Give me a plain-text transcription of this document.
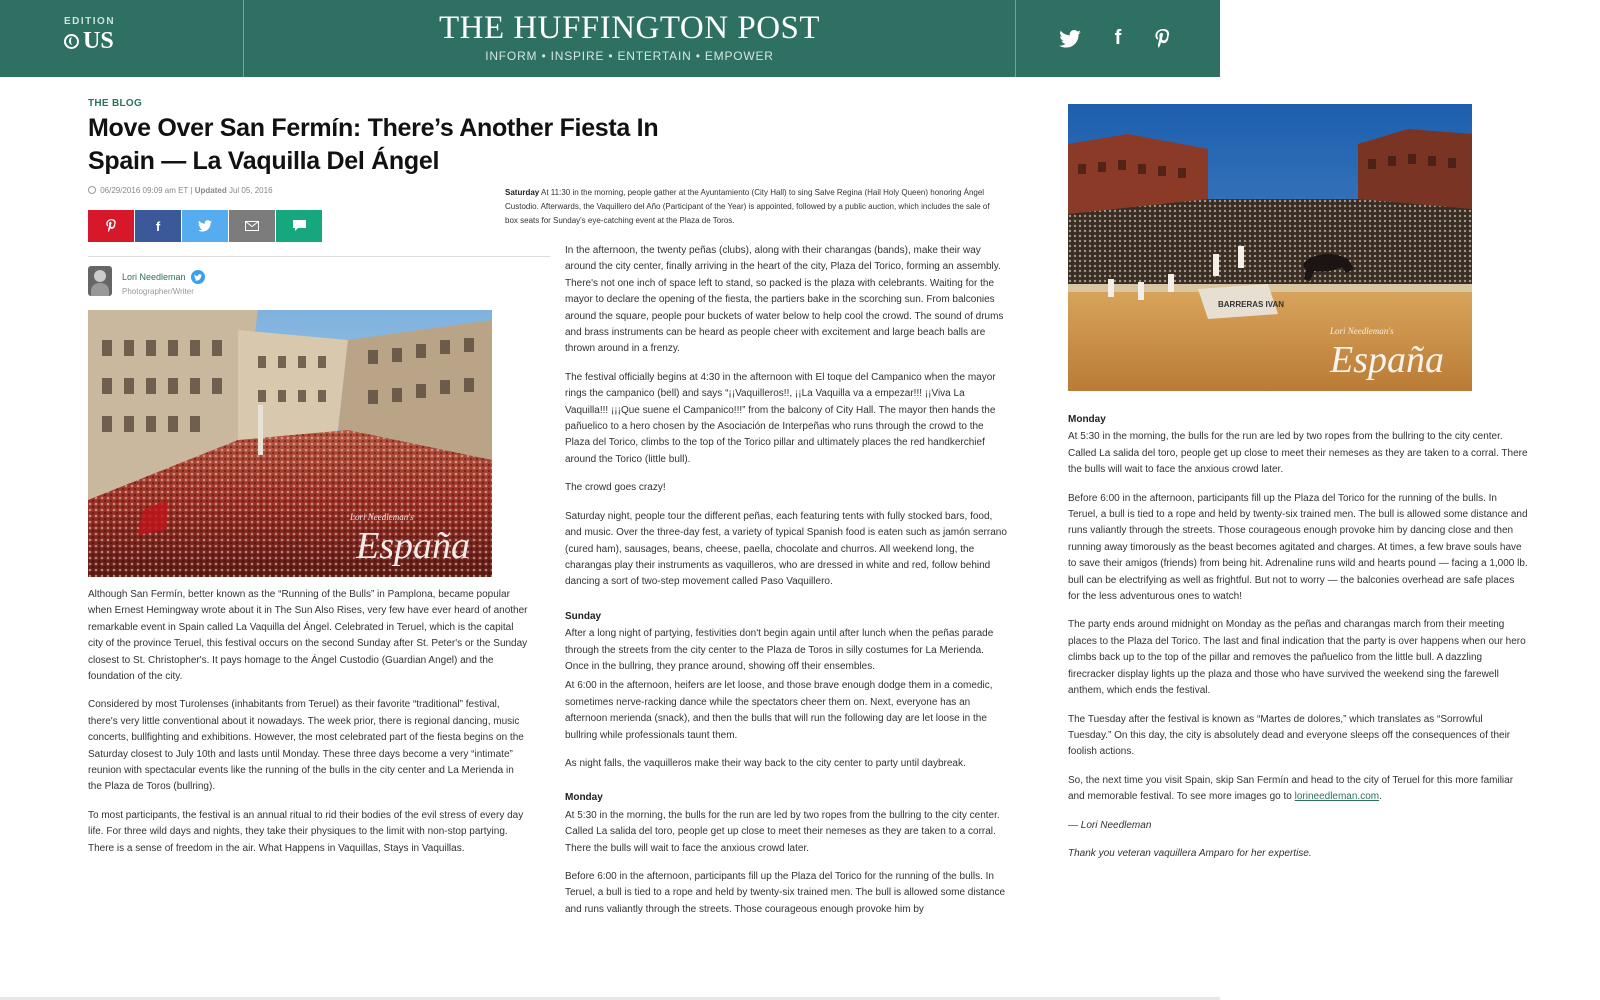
EDITION
US	THE HUFFINGTON POST
INFORM • INSPIRE • ENTERTAIN • EMPOWER
f
THE BLOG
Move Over San Fermín: There’s Another Fiesta In Spain — La Vaquilla Del Ángel
06/29/2016 09:09 am ET | Updated Jul 05, 2016
f
Lori Needleman
Photographer/Writer
Lori Needleman's
España

Although San Fermín, better known as the “Running of the Bulls” in Pamplona, became popular when Ernest Hemingway wrote about it in The Sun Also Rises, very few have ever heard of another remarkable event in Spain called La Vaquilla del Ángel. Celebrated in Teruel, which is the capital city of the province Teruel, this festival occurs on the second Sunday after St. Peter's or the Sunday closest to St. Christopher's. It pays homage to the Ángel Custodio (Guardian Angel) and the foundation of the city.

Considered by most Turolenses (inhabitants from Teruel) as their favorite “traditional” festival, there's very little conventional about it nowadays. The week prior, there is regional dancing, music concerts, bullfighting and exhibitions. However, the most celebrated part of the fiesta begins on the Saturday closest to July 10th and lasts until Monday. These three days become a very “intimate” reunion with spectacular events like the running of the bulls in the city center and La Merienda in the Plaza de Toros (bullring).

To most participants, the festival is an annual ritual to rid their bodies of the evil stress of every day life. For three wild days and nights, they take their physiques to the limit with non-stop partying. There is a sense of freedom in the air. What Happens in Vaquillas, Stays in Vaquillas.

Saturday At 11:30 in the morning, people gather at the Ayuntamiento (City Hall) to sing Salve Regina (Hail Holy Queen) honoring Ángel Custodio. Afterwards, the Vaquillero del Año (Participant of the Year) is appointed, followed by a public auction, which includes the sale of box seats for Sunday's eye-catching event at the Plaza de Toros.

In the afternoon, the twenty peñas (clubs), along with their charangas (bands), make their way around the city center, finally arriving in the heart of the city, Plaza del Torico, forming an assembly. There's not one inch of space left to stand, so packed is the plaza with celebrants. Waiting for the mayor to declare the opening of the fiesta, the partiers bake in the scorching sun. From balconies around the square, people pour buckets of water below to help cool the crowd. The sound of drums and brass instruments can be heard as people cheer with excitement and large beach balls are thrown around in a frenzy.

The festival officially begins at 4:30 in the afternoon with El toque del Campanico when the mayor rings the campanico (bell) and says “¡¡Vaquilleros!!, ¡¡La Vaquilla va a empezar!!! ¡¡Viva La Vaquilla!!! ¡¡¡Que suene el Campanico!!!” from the balcony of City Hall. The mayor then hands the pañuelico to a hero chosen by the Asociación de Interpeñas who runs through the crowd to the Plaza del Torico, climbs to the top of the Torico pillar and ultimately places the red handkerchief around the Torico (little bull).

The crowd goes crazy!

Saturday night, people tour the different peñas, each featuring tents with fully stocked bars, food, and music. Over the three-day fest, a variety of typical Spanish food is eaten such as jamón serrano (cured ham), sausages, beans, cheese, paella, chocolate and churros. All weekend long, the charangas play their instruments as vaquilleros, who are dressed in white and red, follow behind dancing a sort of two-step movement called Paso Vaquillero.

Sunday

After a long night of partying, festivities don't begin again until after lunch when the peñas parade through the streets from the city center to the Plaza de Toros in silly costumes for La Merienda. Once in the bullring, they prance around, showing off their ensembles.

At 6:00 in the afternoon, heifers are let loose, and those brave enough dodge them in a comedic, sometimes nerve-racking dance while the spectators cheer them on. Next, everyone has an afternoon merienda (snack), and then the bulls that will run the following day are let loose in the bullring while professionals taunt them.

As night falls, the vaquilleros make their way back to the city center to party until daybreak.

Monday

At 5:30 in the morning, the bulls for the run are led by two ropes from the bullring to the city center. Called La salida del toro, people get up close to meet their nemeses as they are taken to a corral. There the bulls will wait to face the anxious crowd later.

Before 6:00 in the afternoon, participants fill up the Plaza del Torico for the running of the bulls. In Teruel, a bull is tied to a rope and held by twenty-six trained men. The bull is allowed some distance and runs valiantly through the streets. Those courageous enough provoke him by

BARRERAS IVAN
Lori Needleman's
España
Monday

At 5:30 in the morning, the bulls for the run are led by two ropes from the bullring to the city center. Called La salida del toro, people get up close to meet their nemeses as they are taken to a corral. There the bulls will wait to face the anxious crowd later.

Before 6:00 in the afternoon, participants fill up the Plaza del Torico for the running of the bulls. In Teruel, a bull is tied to a rope and held by twenty-six trained men. The bull is allowed some distance and runs valiantly through the streets. Those courageous enough provoke him by dancing close and then running away timorously as the beast becomes agitated and charges. At times, a few brave souls have to save their amigos (friends) from being hit. Adrenaline runs wild and hearts pound — facing a 1,000 lb. bull can be electrifying as well as frightful. But not to worry — the balconies overhead are safe places for the less adventurous ones to watch!

The party ends around midnight on Monday as the peñas and charangas march from their meeting places to the Plaza del Torico. The last and final indication that the party is over happens when our hero climbs back up to the top of the pillar and removes the pañuelico from the little bull. A dazzling firecracker display lights up the plaza and those who have survived the weekend sing the farewell anthem, which ends the festival.

The Tuesday after the festival is known as “Martes de dolores,” which translates as “Sorrowful Tuesday.” On this day, the city is absolutely dead and everyone sleeps off the consequences of their foolish actions.

So, the next time you visit Spain, skip San Fermín and head to the city of Teruel for this more familiar and memorable festival. To see more images go to lorineedleman.com.

— Lori Needleman

Thank you veteran vaquillera Amparo for her expertise.
